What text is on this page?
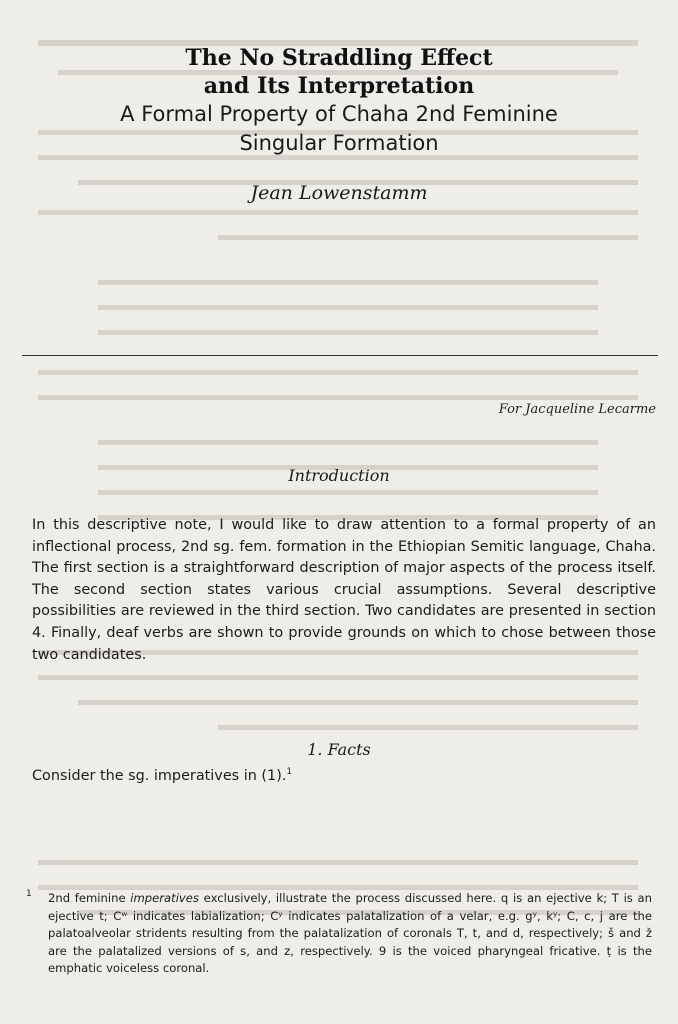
The No Straddling Effect
and Its Interpretation
A Formal Property of Chaha 2nd Feminine
Singular Formation
Jean Lowenstamm
For Jacqueline Lecarme
Introduction
In this descriptive note, I would like to draw attention to a formal property of an inflectional process, 2nd sg. fem. formation in the Ethiopian Semitic language, Chaha. The first section is a straightforward description of major aspects of the process itself. The second section states various crucial assumptions. Several descriptive possibilities are reviewed in the third section. Two candidates are presented in section 4. Finally, deaf verbs are shown to provide grounds on which to chose between those two candidates.
1. Facts
Consider the sg. imperatives in (1).$^1$
1 2nd feminine imperatives exclusively, illustrate the process discussed here. q is an ejective k; T is an ejective t; Cʷ indicates labialization; Cʸ indicates palatalization of a velar, e.g. gʸ, kʸ; C, c, j are the palatoalveolar stridents resulting from the palatalization of coronals T, t, and d, respectively; š and ž are the palatalized versions of s, and z, respectively. 9 is the voiced pharyngeal fricative. ṭ is the emphatic voiceless coronal.
